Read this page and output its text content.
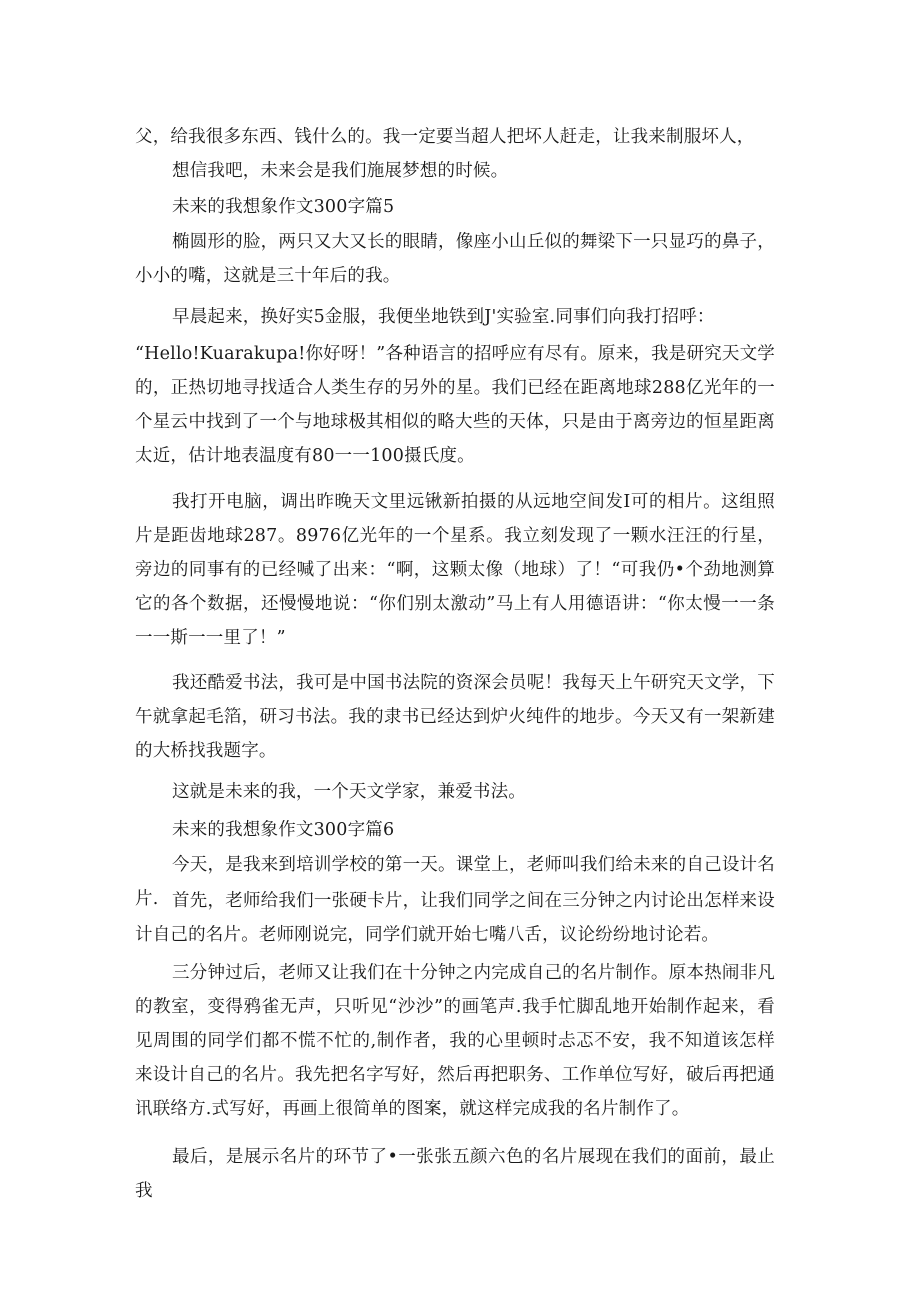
父，给我很多东西、钱什么的。我一定要当超人把坏人赶走，让我来制服坏人，

想信我吧，未来会是我们施展梦想的时候。

未来的我想象作文300字篇5

椭圆形的脸，两只又大又长的眼睛，像座小山丘似的舞梁下一只显巧的鼻子，小小的嘴，这就是三十年后的我。

早晨起来，换好实5金服，我便坐地铁到J'实验室.同事们向我打招呼：

“Hello!Kuarakupa!你好呀！”各种语言的招呼应有尽有。原来，我是研究天文学的，正热切地寻找适合人类生存的另外的星。我们已经在距离地球288亿光年的一个星云中找到了一个与地球极其相似的略大些的天体，只是由于离旁边的恒星距离太近，估计地表温度有80一一100摄氏度。

我打开电脑，调出昨晚天文里远锹新拍摄的从远地空间发I可的相片。这组照片是距齿地球287。8976亿光年的一个星系。我立刻发现了一颗水汪汪的行星，旁边的同事有的已经喊了出来：“啊，这颗太像（地球）了！“可我仍•个劲地测算它的各个数据，还慢慢地说：“你们别太激动”马上有人用德语讲：“你太慢一一条一一斯一一里了！”

我还酷爱书法，我可是中国书法院的资深会员呢！我每天上午研究天文学，下午就拿起毛箔，研习书法。我的隶书已经达到炉火纯件的地步。今天又有一架新建的大桥找我题字。

这就是未来的我，一个天文学家，兼爱书法。

未来的我想象作文300字篇6

今天，是我来到培训学校的第一天。课堂上，老师叫我们给未来的自己设计名片. 首先，老师给我们一张硬卡片，让我们同学之间在三分钟之内讨论出怎样来设计自己的名片。老师刚说完，同学们就开始七嘴八舌，议论纷纷地讨论若。

三分钟过后，老师又让我们在十分钟之内完成自己的名片制作。原本热闹非凡的教室，变得鸦雀无声，只听见“沙沙”的画笔声.我手忙脚乱地开始制作起来，看见周围的同学们都不慌不忙的,制作者，我的心里顿时忐忑不安，我不知道该怎样来设计自己的名片。我先把名字写好，然后再把职务、工作单位写好，破后再把通讯联络方.式写好，再画上很简单的图案，就这样完成我的名片制作了。

最后，是展示名片的环节了•一张张五颜六色的名片展现在我们的面前，最止我
